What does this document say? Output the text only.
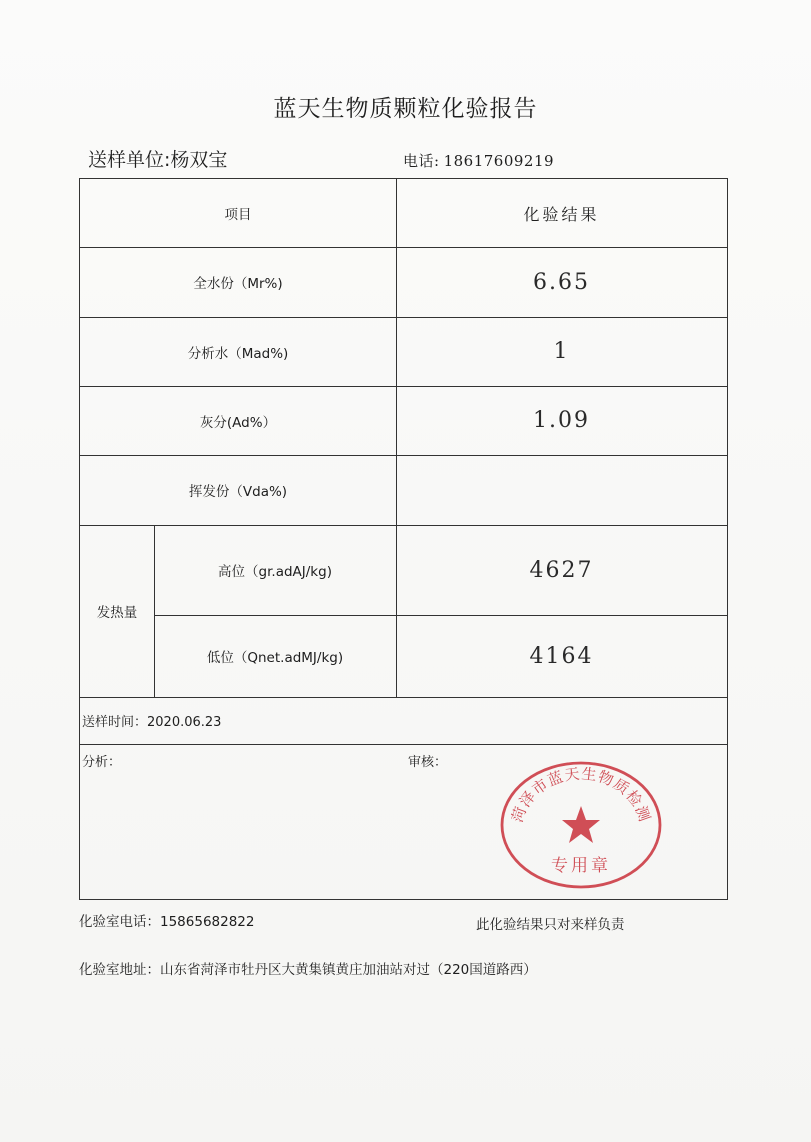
蓝天生物质颗粒化验报告
送样单位:杨双宝	电话: 18617609219
项目	化验结果
全水份（Mr%)	6.65
分析水（Mad%)	1
灰分(Ad%）	1.09
挥发份（Vda%)
发热量
高位（gr.adAJ/kg)	4627
低位（Qnet.adMJ/kg)	4164
送样时间：2020.06.23
分析：	审核：
菏泽市蓝天生物质检测
专用章
化验室电话：15865682822	此化验结果只对来样负责
化验室地址：山东省菏泽市牡丹区大黄集镇黄庄加油站对过（220国道路西）
